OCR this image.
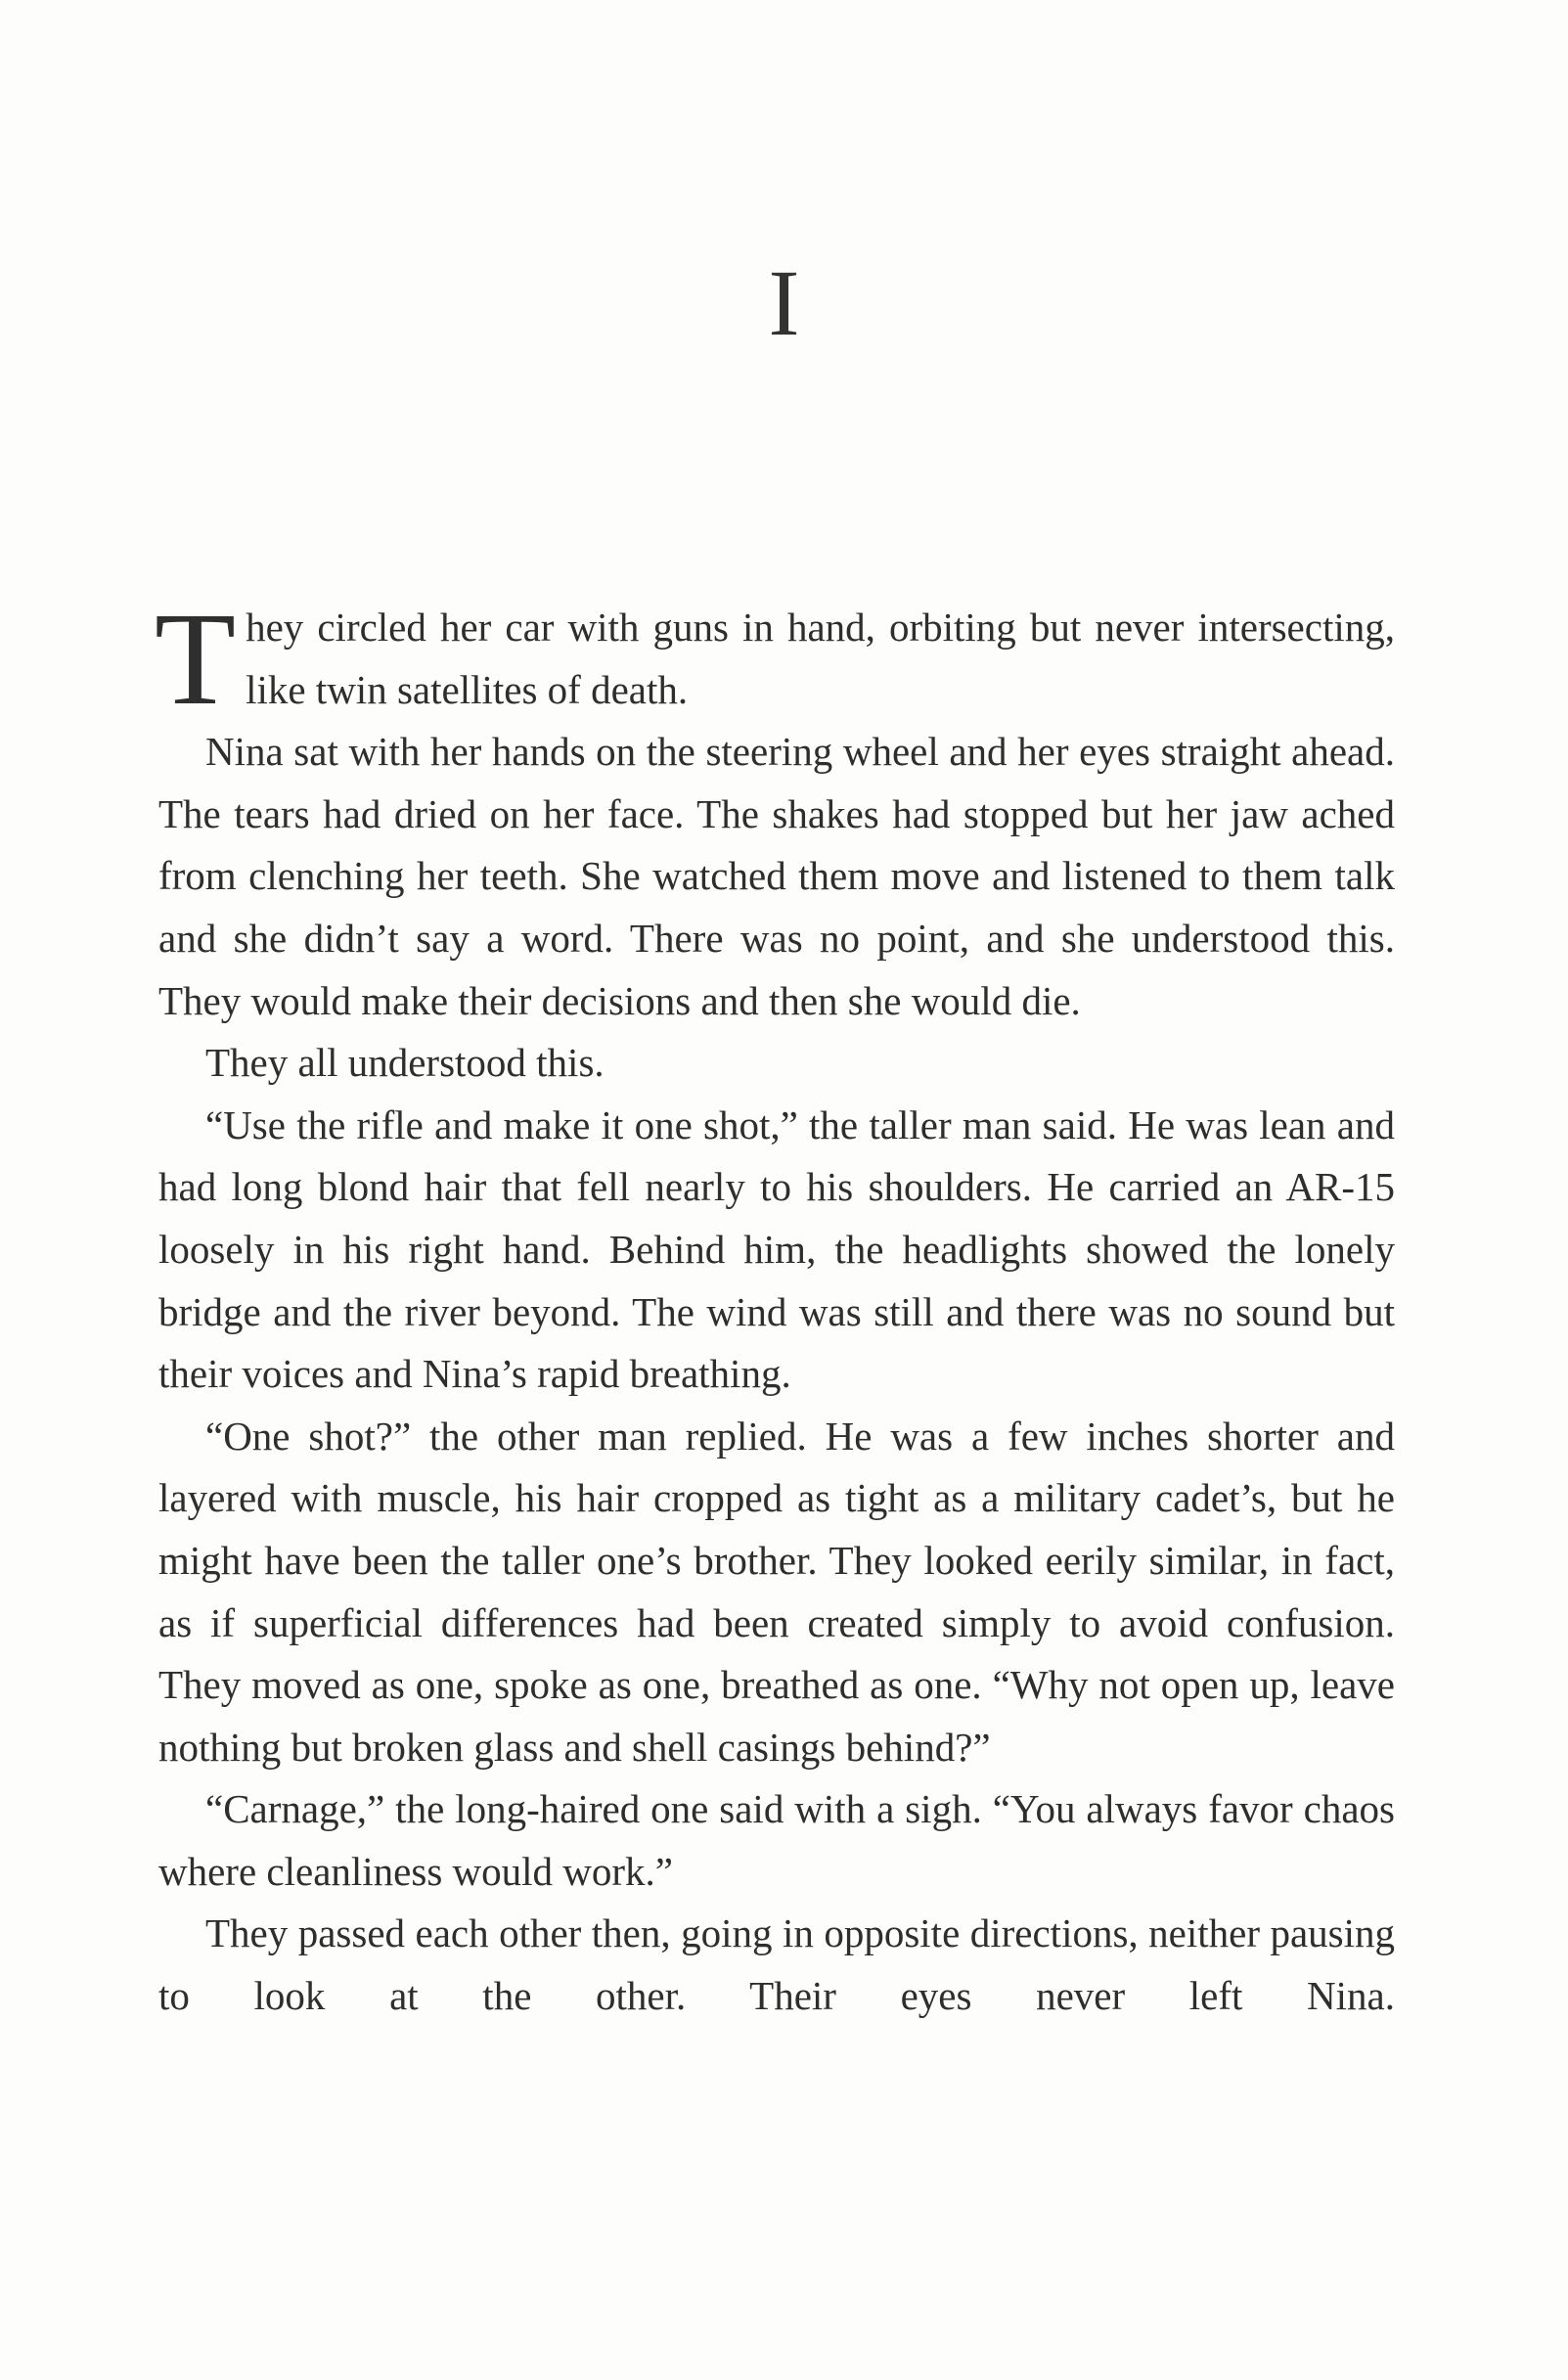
I

They circled her car with guns in hand, orbiting but never intersecting, like twin satellites of death.

Nina sat with her hands on the steering wheel and her eyes straight ahead. The tears had dried on her face. The shakes had stopped but her jaw ached from clenching her teeth. She watched them move and listened to them talk and she didn’t say a word. There was no point, and she understood this. They would make their decisions and then she would die.

They all understood this.

“Use the rifle and make it one shot,” the taller man said. He was lean and had long blond hair that fell nearly to his shoulders. He carried an AR-15 loosely in his right hand. Behind him, the headlights showed the lonely bridge and the river beyond. The wind was still and there was no sound but their voices and Nina’s rapid breathing.

“One shot?” the other man replied. He was a few inches shorter and layered with muscle, his hair cropped as tight as a military cadet’s, but he might have been the taller one’s brother. They looked eerily similar, in fact, as if superficial differences had been created simply to avoid confusion. They moved as one, spoke as one, breathed as one. “Why not open up, leave nothing but broken glass and shell casings behind?”

“Carnage,” the long-haired one said with a sigh. “You always favor chaos where cleanliness would work.”

They passed each other then, going in opposite directions, neither pausing to look at the other. Their eyes never left Nina.
